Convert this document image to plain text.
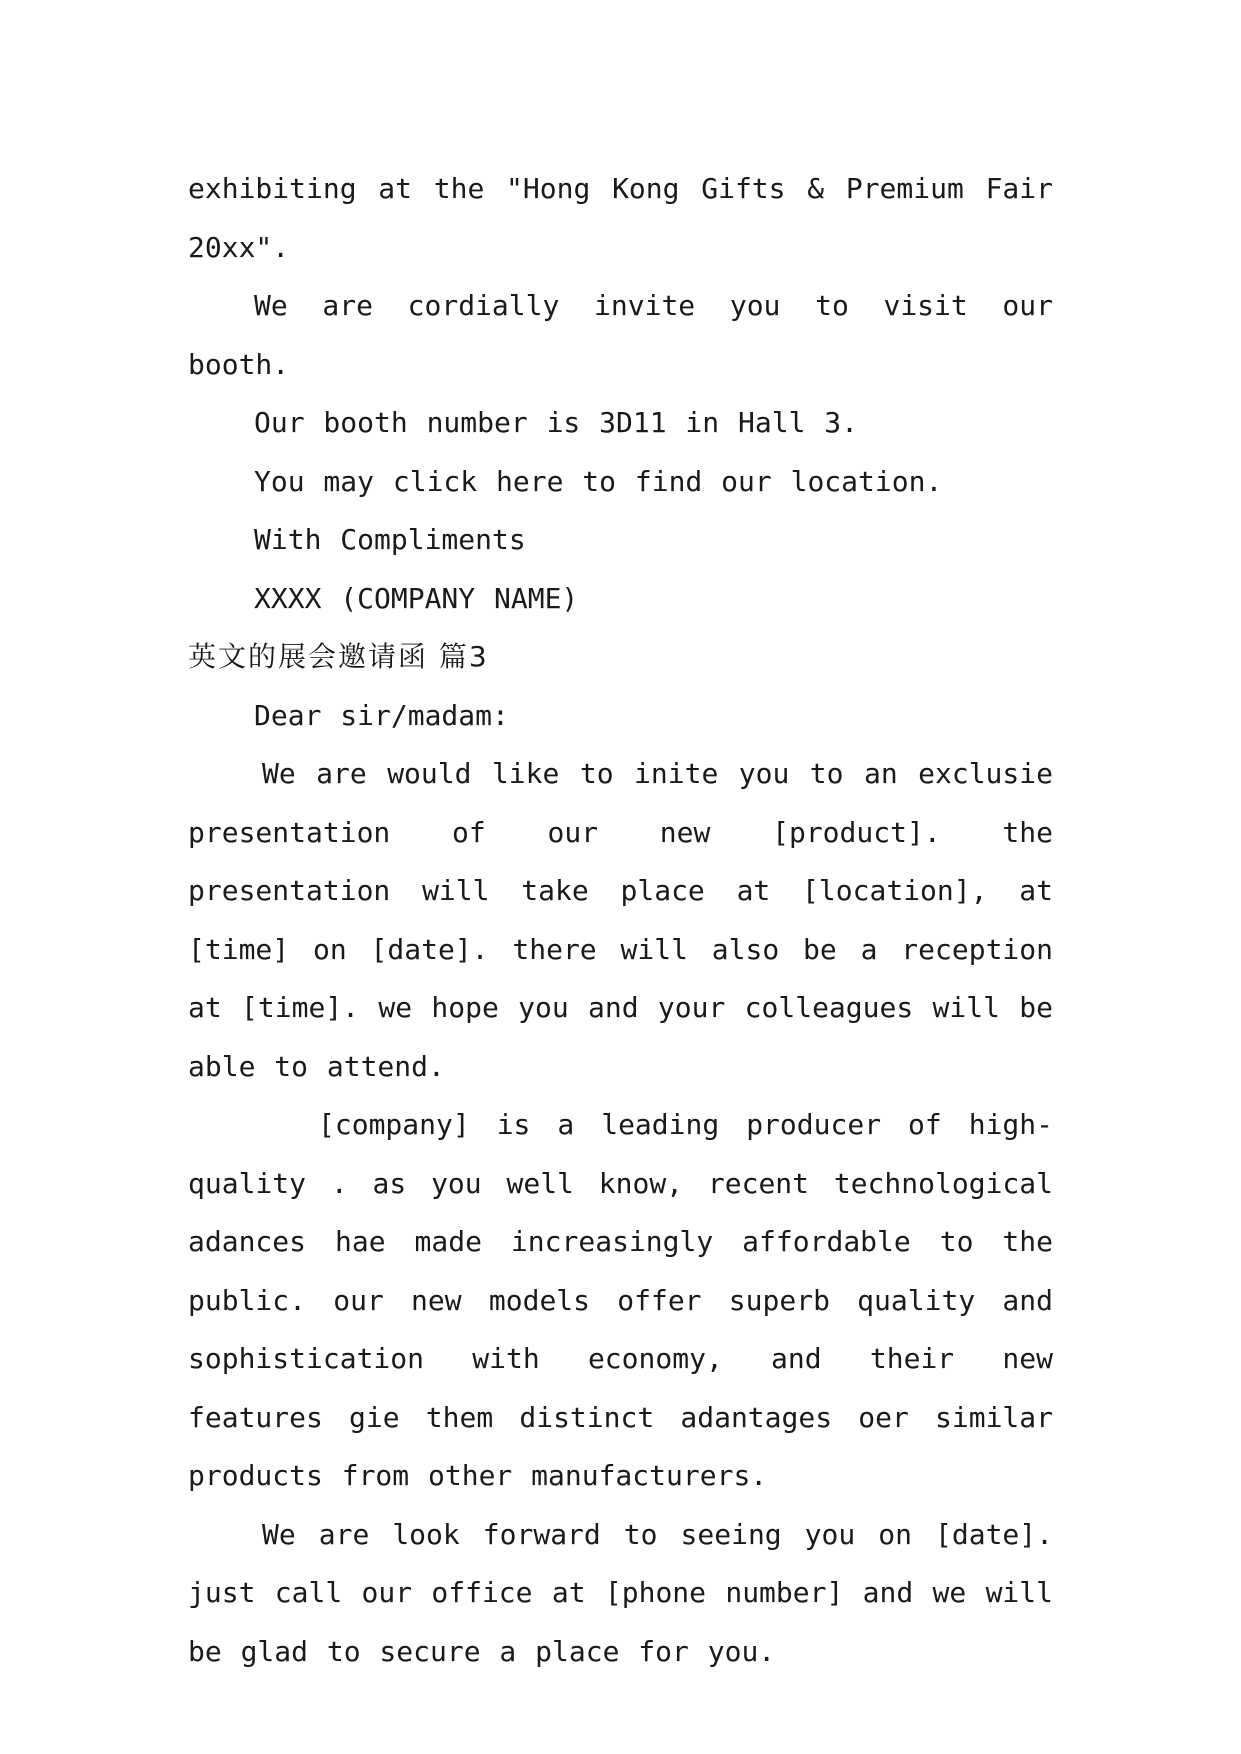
exhibiting at the "Hong Kong Gifts & Premium Fair 20xx".

We are cordially invite you to visit our booth.

Our booth number is 3D11 in Hall 3.

You may click here to find our location.

With Compliments

XXXX (COMPANY NAME)

英文的展会邀请函 篇3

Dear sir/madam:

We are would like to inite you to an exclusie presentation of our new [product]. the presentation will take place at [location], at [time] on [date]. there will also be a reception at [time]. we hope you and your colleagues will be able to attend.

[company] is a leading producer of high-quality . as you well know, recent technological adances hae made increasingly affordable to the public. our new models offer superb quality and sophistication with economy, and their new features gie them distinct adantages oer similar products from other manufacturers.

We are look forward to seeing you on [date]. just call our office at [phone number] and we will be glad to secure a place for you.
